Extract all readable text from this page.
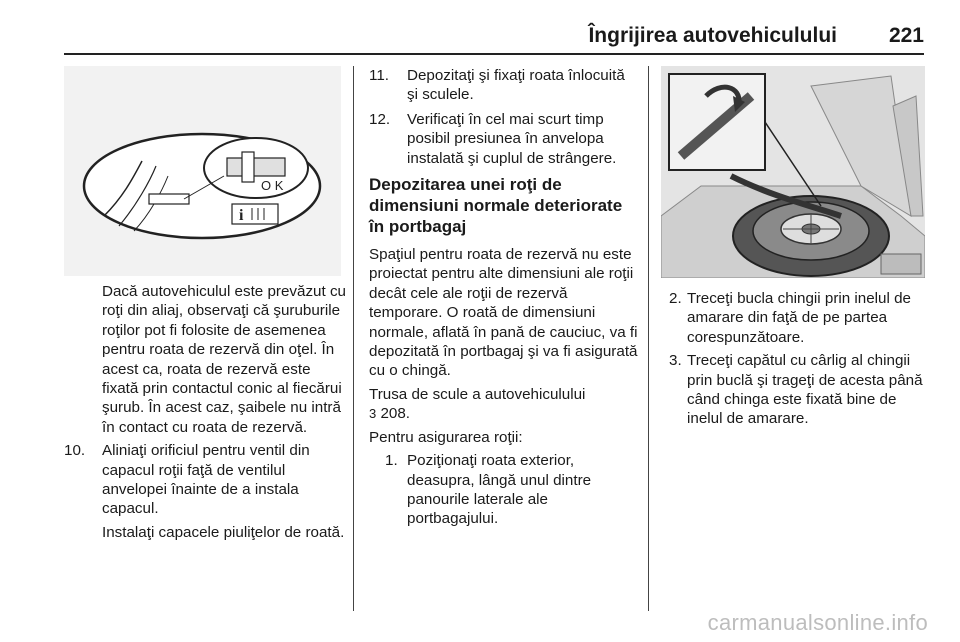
Îngrijirea autovehiculului 221
O K
i

Dacă autovehiculul este prevăzut cu roţi din aliaj, observaţi că şuruburile roţilor pot fi folosite de asemenea pentru roata de rezervă din oţel. În acest ca, roata de rezervă este fixată prin contactul conic al fiecărui şurub. În acest caz, şaibele nu intră în contact cu roata de rezervă.

10. Aliniaţi orificiul pentru ventil din capacul roţii faţă de ventilul anvelopei înainte de a instala capacul.

Instalaţi capacele piuliţelor de roată.

11. Depozitaţi şi fixaţi roata înlocuită şi sculele.

12. Verificaţi în cel mai scurt timp posibil presiunea în anvelopa instalată şi cuplul de strângere.

Depozitarea unei roţi de dimensiuni normale deteriorate în portbagaj

Spaţiul pentru roata de rezervă nu este proiectat pentru alte dimensiuni ale roţii decât cele ale roţii de rezervă temporare. O roată de dimensiuni normale, aflată în pană de cauciuc, va fi depozitată în portbagaj şi va fi asigurată cu o chingă.

Trusa de scule a autovehiculului
3 208.

Pentru asigurarea roţii:

1. Poziţionaţi roata exterior, deasupra, lângă unul dintre panourile laterale ale portbagajului.

2. Treceţi bucla chingii prin inelul de amarare din faţă de pe partea corespunzătoare.

3. Treceţi capătul cu cârlig al chingii prin buclă şi trageţi de acesta până când chinga este fixată bine de inelul de amarare.

carmanualsonline.info
